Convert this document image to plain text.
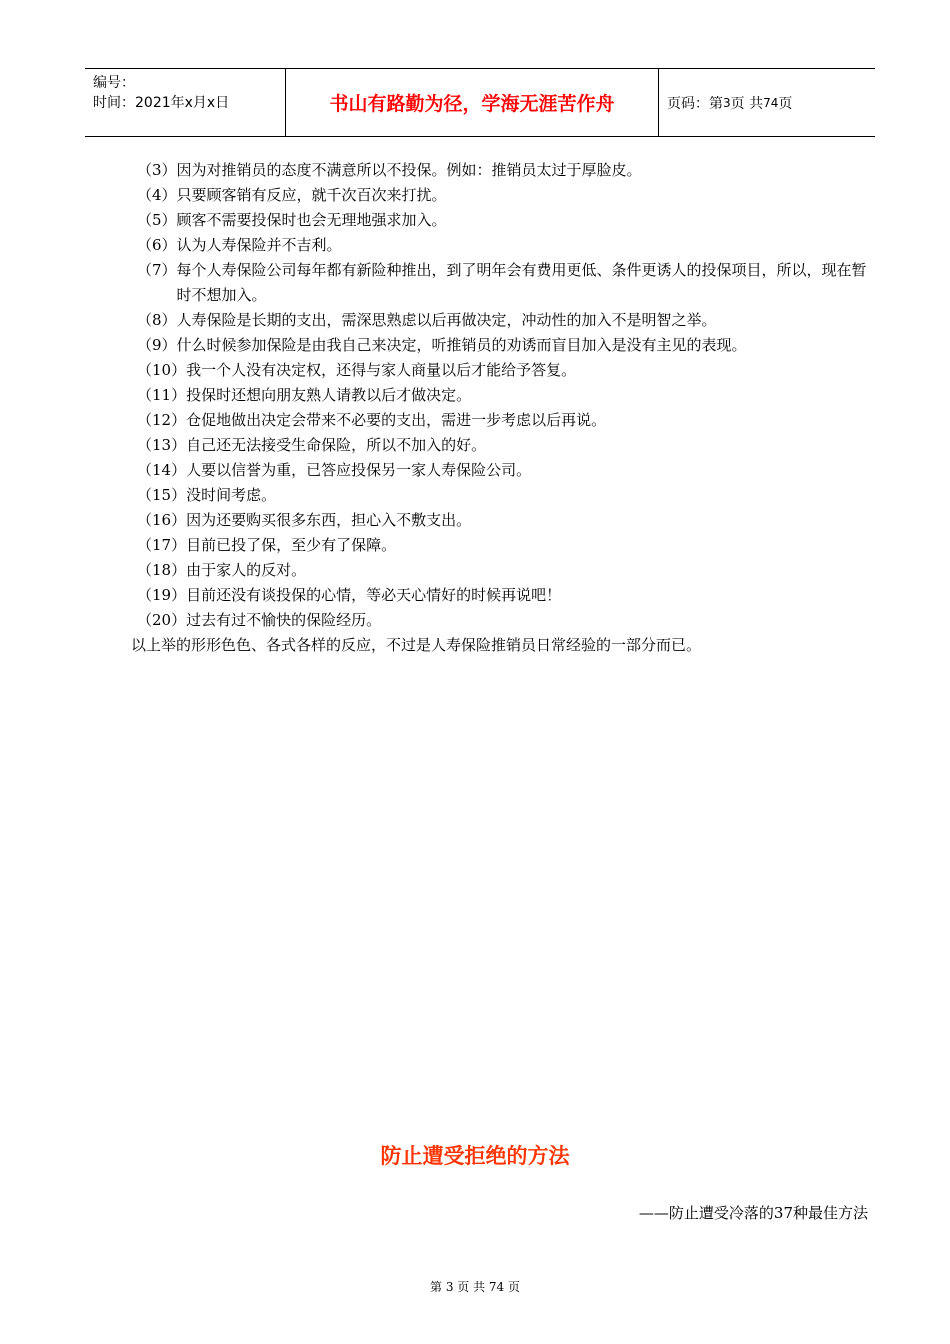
编号：
时间：2021年x月x日	书山有路勤为径，学海无涯苦作舟	页码：第 3 页 共 74 页
（3） 因为对推销员的态度不满意所以不投保。例如：推销员太过于厚脸皮。
（4） 只要顾客销有反应，就千次百次来打扰。
（5） 顾客不需要投保时也会无理地强求加入。
（6） 认为人寿保险并不吉利。
（7） 每个人寿保险公司每年都有新险种推出，到了明年会有费用更低、条件更诱人的投保项目，所以，现在暂时不想加入。
（8） 人寿保险是长期的支出，需深思熟虑以后再做决定，冲动性的加入不是明智之举。
（9） 什么时候参加保险是由我自己来决定，听推销员的劝诱而盲目加入是没有主见的表现。
（10） 我一个人没有决定权，还得与家人商量以后才能给予答复。
（11） 投保时还想向朋友熟人请教以后才做决定。
（12） 仓促地做出决定会带来不必要的支出，需进一步考虑以后再说。
（13） 自己还无法接受生命保险，所以不加入的好。
（14） 人要以信誉为重，已答应投保另一家人寿保险公司。
（15） 没时间考虑。
（16） 因为还要购买很多东西，担心入不敷支出。
（17） 目前已投了保，至少有了保障。
（18） 由于家人的反对。
（19） 目前还没有谈投保的心情，等必天心情好的时候再说吧！
（20） 过去有过不愉快的保险经历。
以上举的形形色色、各式各样的反应，不过是人寿保险推销员日常经验的一部分而已。
防止遭受拒绝的方法
——防止遭受冷落的37种最佳方法
第 3 页 共 74 页
